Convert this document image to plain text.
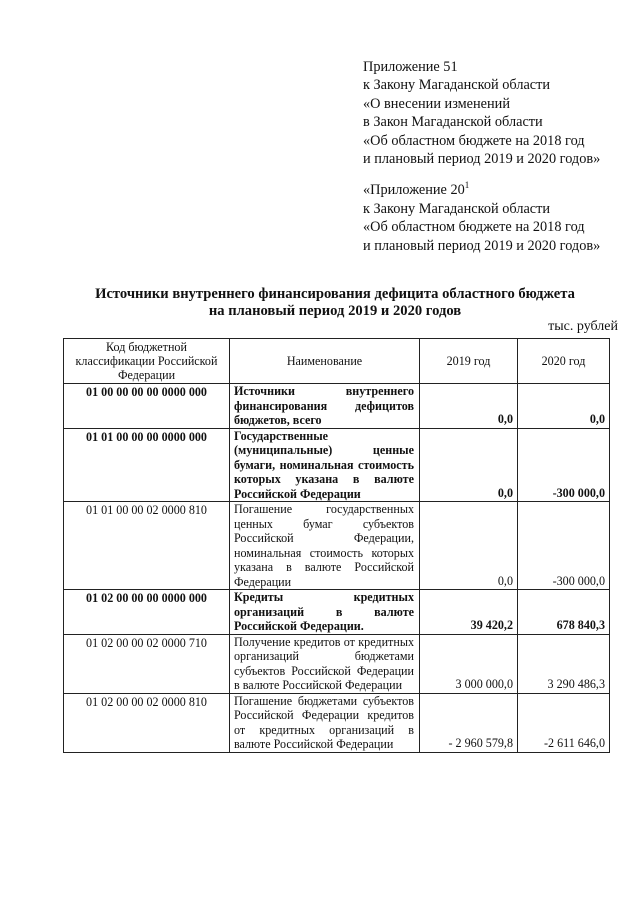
Приложение 51
к Закону Магаданской области
«О внесении изменений
в Закон Магаданской области
«Об областном бюджете на 2018 год
и плановый период 2019 и 2020 годов»
«Приложение $20^1$
к Закону Магаданской области
«Об областном бюджете на 2018 год
и плановый период 2019 и 2020 годов»
Источники внутреннего финансирования дефицита областного бюджета
на плановый период 2019 и 2020 годов
тыс. рублей
Код бюджетной классификации Российской Федерации	Наименование	2019 год	2020 год
01 00 00 00 00 0000 000	Источники внутреннего финансирования дефицитов бюджетов, всего	0,0	0,0
01 01 00 00 00 0000 000	Государственные (муниципальные) ценные бумаги, номинальная стоимость которых указана в валюте Российской Федерации	0,0	-300 000,0
01 01 00 00 02 0000 810	Погашение государственных ценных бумаг субъектов Российской Федерации, номинальная стоимость которых указана в валюте Российской Федерации	0,0	-300 000,0
01 02 00 00 00 0000 000	Кредиты кредитных организаций в валюте Российской Федерации.	39 420,2	678 840,3
01 02 00 00 02 0000 710	Получение кредитов от кредитных организаций бюджетами субъектов Российской Федерации в валюте Российской Федерации	3 000 000,0	3 290 486,3
01 02 00 00 02 0000 810	Погашение бюджетами субъектов Российской Федерации кредитов от кредитных организаций в валюте Российской Федерации	- 2 960 579,8	-2 611 646,0
